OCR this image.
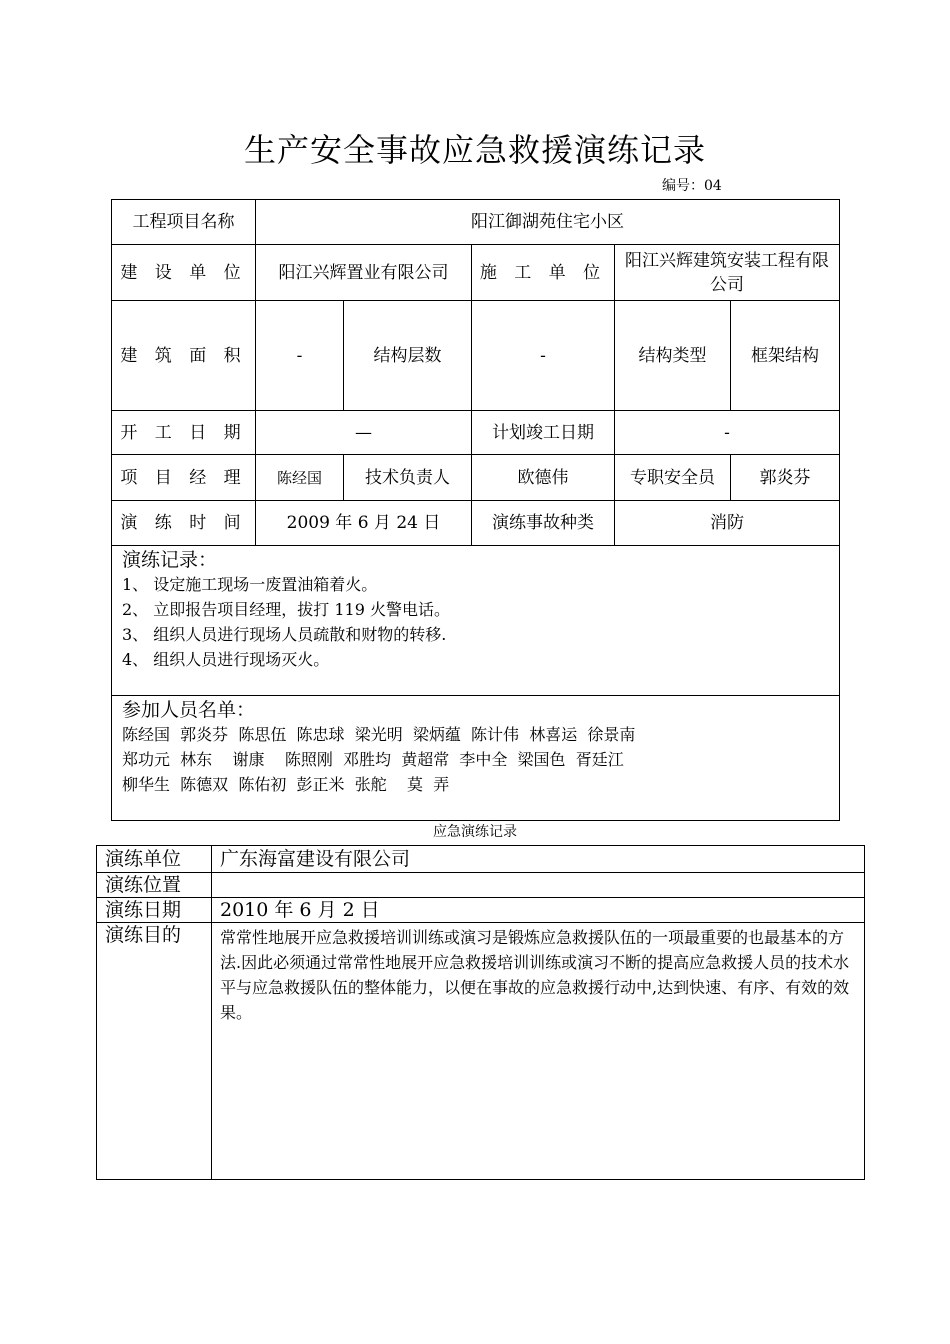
生产安全事故应急救援演练记录
编号：04
工程项目名称	阳江御湖苑住宅小区				
建 设 单 位	阳江兴辉置业有限公司		施 工 单 位	阳江兴辉建筑安装工程有限公司	
建 筑 面 积	-	结构层数	-	结构类型	框架结构
开 工 日 期	—		计划竣工日期	-	
项 目 经 理	陈经国	技术负责人	欧德伟	专职安全员	郭炎芬
演 练 时 间	2009 年 6 月 24 日		演练事故种类	消防	

演练记录：
1、 设定施工现场一废置油箱着火。
2、 立即报告项目经理，拔打 119 火警电话。
3、 组织人员进行现场人员疏散和财物的转移.
4、 组织人员进行现场灭火。					

参加人员名单：
陈经国  郭炎芬  陈思伍  陈忠球  梁光明  梁炳蕴  陈计伟  林喜运  徐景南
郑功元  林东    谢康    陈照刚  邓胜均  黄超常  李中全  梁国色  胥廷江
柳华生  陈德双  陈佑初  彭正米  张舵    莫  弄					
应急演练记录
演练单位	广东海富建设有限公司
演练位置	
演练日期	2010 年 6 月 2 日
演练目的	常常性地展开应急救援培训训练或演习是锻炼应急救援队伍的一项最重要的也最基本的方法.因此必须通过常常性地展开应急救援培训训练或演习不断的提高应急救援人员的技术水平与应急救援队伍的整体能力，以便在事故的应急救援行动中,达到快速、有序、有效的效果。
